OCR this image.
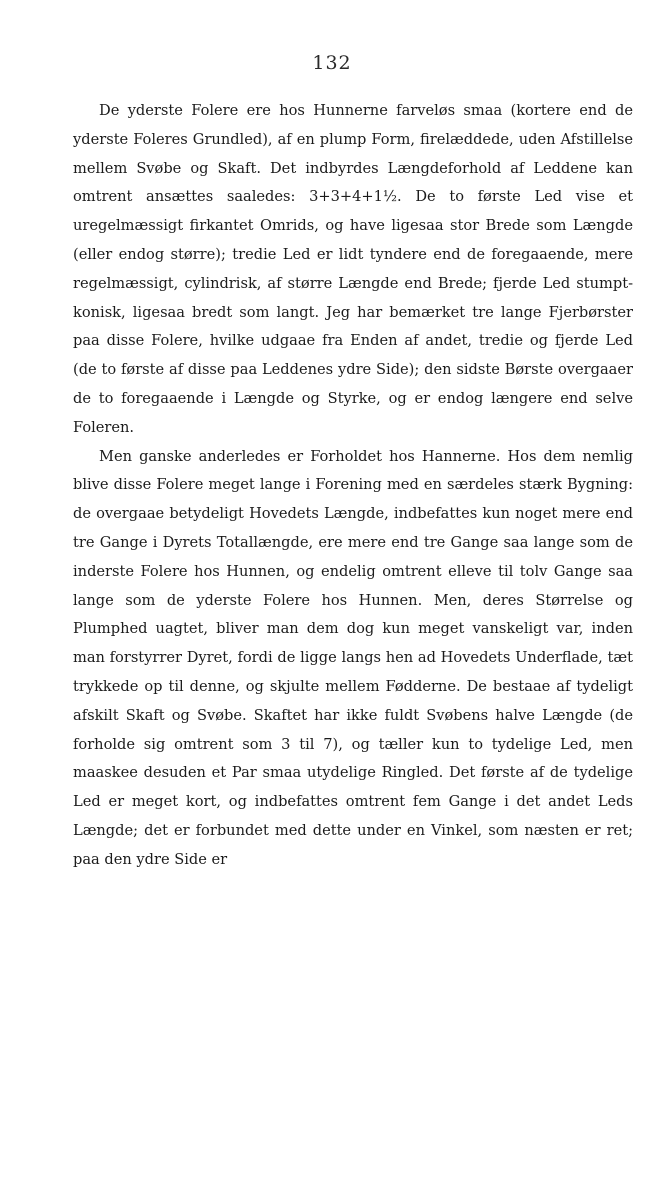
132

De yderste Folere ere hos Hunnerne farveløs smaa (kortere end de yderste Foleres Grundled), af en plump Form, firelæddede, uden Afstillelse mellem Svøbe og Skaft. Det indbyrdes Længdeforhold af Leddene kan omtrent ansættes saaledes: 3+3+4+1½. De to første Led vise et uregelmæssigt firkantet Omrids, og have ligesaa stor Brede som Længde (eller endog større); tredie Led er lidt tyndere end de foregaaende, mere regelmæssigt, cylindrisk, af større Længde end Brede; fjerde Led stumpt-konisk, ligesaa bredt som langt. Jeg har bemærket tre lange Fjerbørster paa disse Folere, hvilke udgaae fra Enden af andet, tredie og fjerde Led (de to første af disse paa Leddenes ydre Side); den sidste Børste overgaaer de to foregaaende i Længde og Styrke, og er endog længere end selve Foleren.

Men ganske anderledes er Forholdet hos Hannerne. Hos dem nemlig blive disse Folere meget lange i Forening med en særdeles stærk Bygning: de overgaae betydeligt Hovedets Længde, indbefattes kun noget mere end tre Gange i Dyrets Totallængde, ere mere end tre Gange saa lange som de inderste Folere hos Hunnen, og endelig omtrent elleve til tolv Gange saa lange som de yderste Folere hos Hunnen. Men, deres Størrelse og Plumphed uagtet, bliver man dem dog kun meget vanskeligt var, inden man forstyrrer Dyret, fordi de ligge langs hen ad Hovedets Underflade, tæt trykkede op til denne, og skjulte mellem Fødderne. De bestaae af tydeligt afskilt Skaft og Svøbe. Skaftet har ikke fuldt Svøbens halve Længde (de forholde sig omtrent som 3 til 7), og tæller kun to tydelige Led, men maaskee desuden et Par smaa utydelige Ringled. Det første af de tydelige Led er meget kort, og indbefattes omtrent fem Gange i det andet Leds Længde; det er forbundet med dette under en Vinkel, som næsten er ret; paa den ydre Side er
